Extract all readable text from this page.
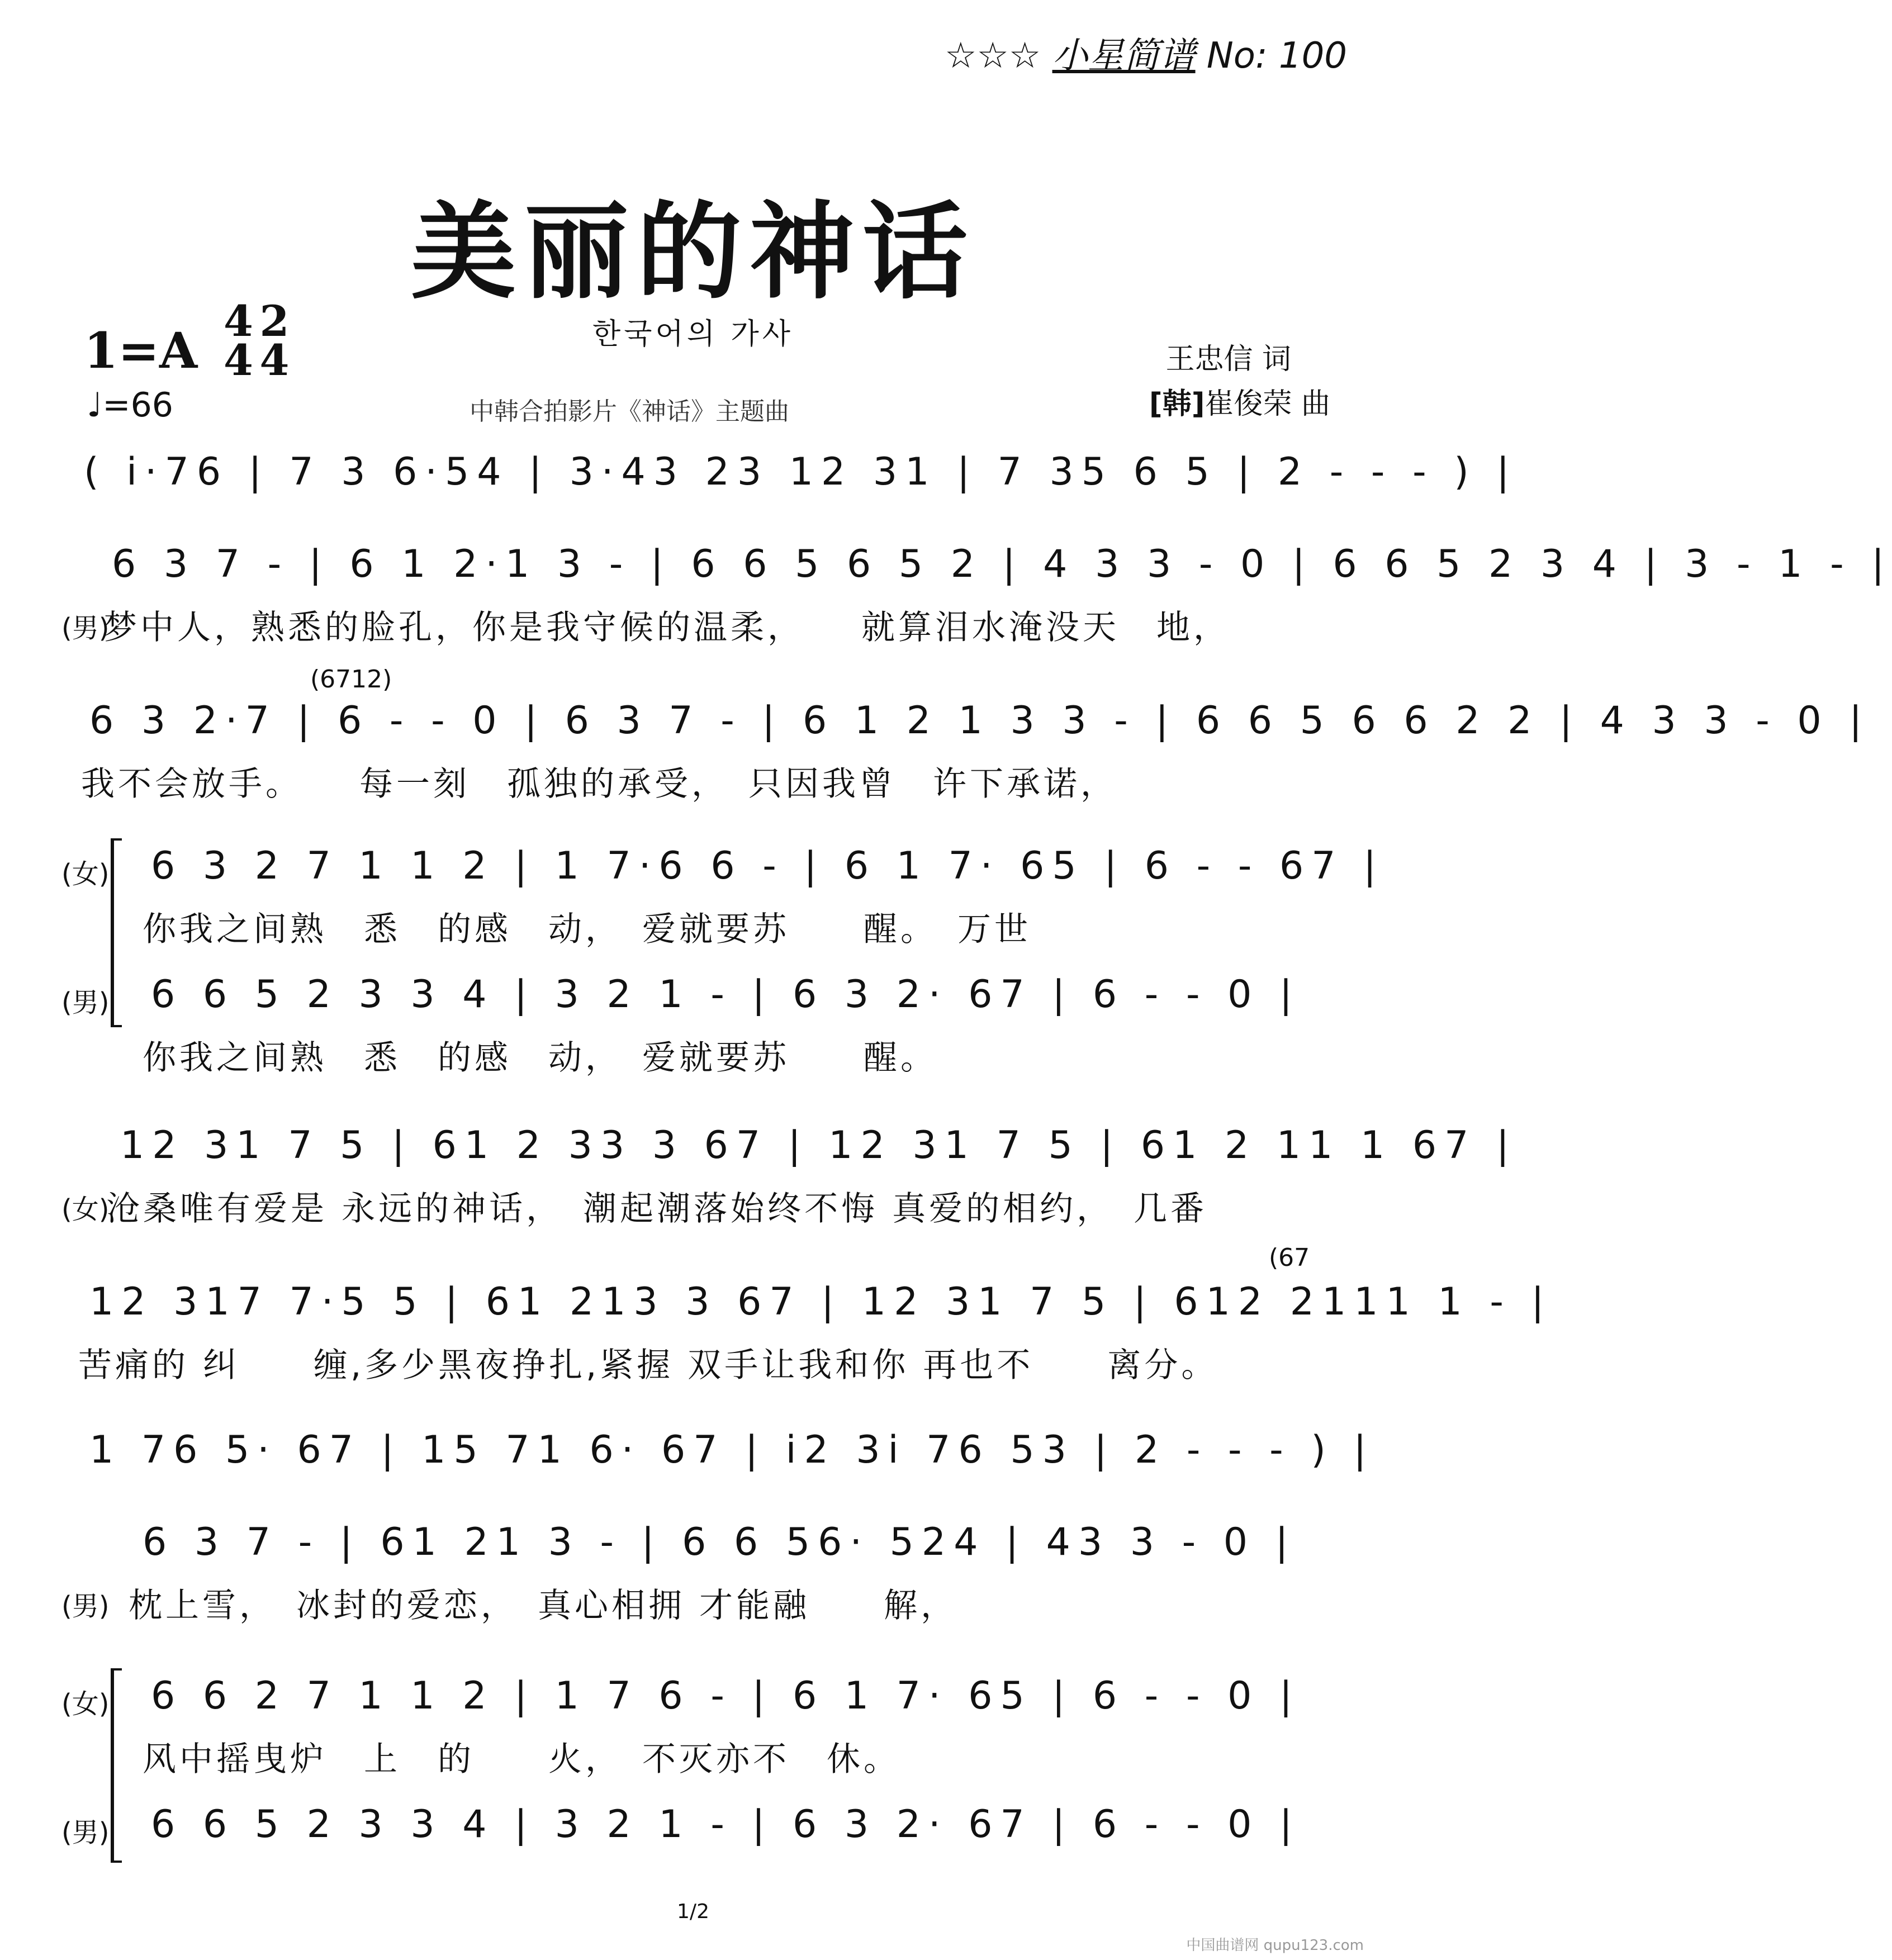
☆☆☆ 小星简谱 No: 100
美丽的神话
한국어의 가사
1=A
4
4

2
4
♩=66	中韩合拍影片《神话》主题曲
王忠信 词
[韩]崔俊荣 曲
( i·76 | 7 3 6·54 | 3·43 23 12 31 | 7 35 6 5 | 2 - - - ) |
6 3 7 - | 6 1 2·1 3 - | 6 6 5 6 5 2 | 4 3 3 - 0 | 6 6 5 2 3 4 | 3 - 1 - |
(男)
梦中人，熟悉的脸孔，你是我守候的温柔，　　就算泪水淹没天　地，
(6712)
6 3 2·7 | 6 - - 0 | 6 3 7 - | 6 1 2 1 3 3 - | 6 6 5 6 6 2 2 | 4 3 3 - 0 |
我不会放手。　　每一刻　孤独的承受，　只因我曾　许下承诺，
(女) 6 3 2 7 1 1 2 | 1 7·6 6 - | 6 1 7· 65 | 6 - - 67 |
你我之间熟　悉　的感　动，　爱就要苏　　醒。　万世
(男) 6 6 5 2 3 3 4 | 3 2 1 - | 6 3 2· 67 | 6 - - 0 |
你我之间熟　悉　的感　动，　爱就要苏　　醒。
12 31 7 5 | 61 2 33 3 67 | 12 31 7 5 | 61 2 11 1 67 |
(女)
沧桑唯有爱是 永远的神话，　潮起潮落始终不悔 真爱的相约，　几番
(67
12 317 7·5 5 | 61 213 3 67 | 12 31 7 5 | 612 2111 1 - |
苦痛的 纠　　缠,多少黑夜挣扎,紧握 双手让我和你 再也不　　离分。
1 76 5· 67 | 15 71 6· 67 | i2 3i 76 53 | 2 - - - ) |
6 3 7 - | 61 21 3 - | 6 6 56· 524 | 43 3 - 0 |
(男) 枕上雪，　冰封的爱恋，　真心相拥 才能融　　解，
(女) 6 6 2 7 1 1 2 | 1 7 6 - | 6 1 7· 65 | 6 - - 0 |
风中摇曳炉　上　的　　火，　不灭亦不　休。
(男) 6 6 5 2 3 3 4 | 3 2 1 - | 6 3 2· 67 | 6 - - 0 |
1/2
中国曲谱网 qupu123.com
